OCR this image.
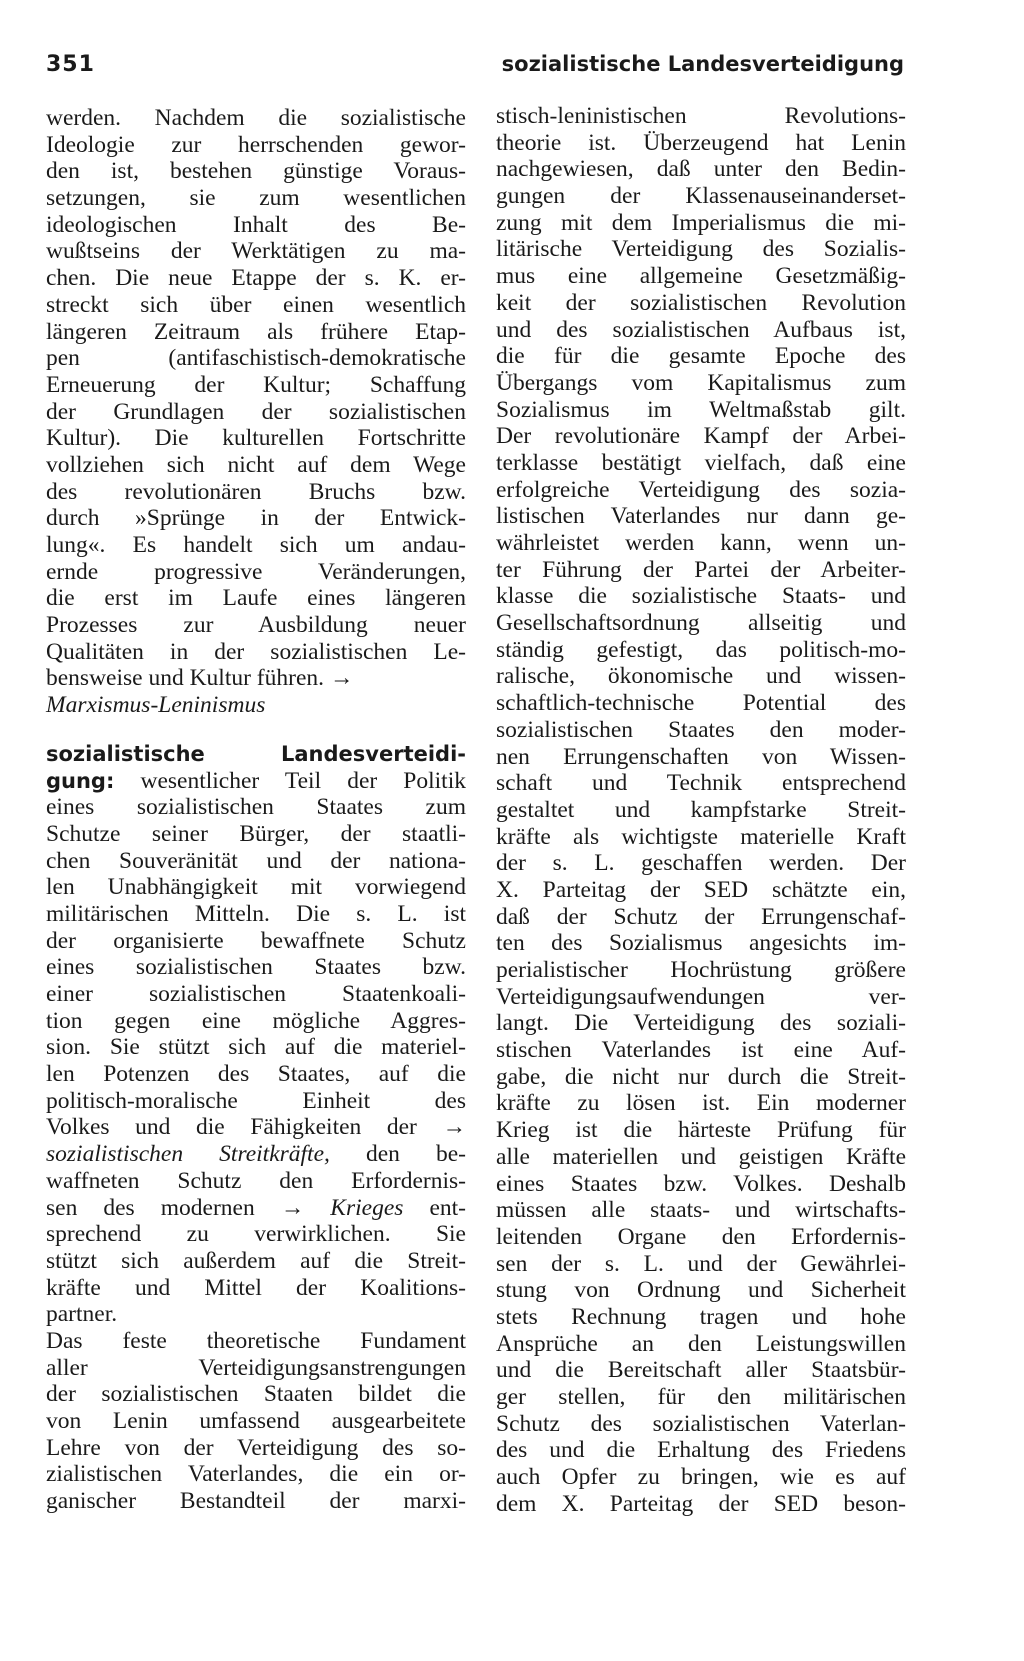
351	sozialistische Landesverteidigung
werden. Nachdem die sozialistische
Ideologie zur herrschenden gewor-
den ist, bestehen günstige Voraus-
setzungen, sie zum wesentlichen
ideologischen Inhalt des Be-
wußtseins der Werktätigen zu ma-
chen. Die neue Etappe der s. K. er-
streckt sich über einen wesentlich
längeren Zeitraum als frühere Etap-
pen (antifaschistisch-demokratische
Erneuerung der Kultur; Schaffung
der Grundlagen der sozialistischen
Kultur). Die kulturellen Fortschritte
vollziehen sich nicht auf dem Wege
des revolutionären Bruchs bzw.
durch »Sprünge in der Entwick-
lung«. Es handelt sich um andau-
ernde progressive Veränderungen,
die erst im Laufe eines längeren
Prozesses zur Ausbildung neuer
Qualitäten in der sozialistischen Le-
bensweise und Kultur führen. →
Marxismus-Leninismus
sozialistische Landesverteidi-
gung: wesentlicher Teil der Politik
eines sozialistischen Staates zum
Schutze seiner Bürger, der staatli-
chen Souveränität und der nationa-
len Unabhängigkeit mit vorwiegend
militärischen Mitteln. Die s. L. ist
der organisierte bewaffnete Schutz
eines sozialistischen Staates bzw.
einer sozialistischen Staatenkoali-
tion gegen eine mögliche Aggres-
sion. Sie stützt sich auf die materiel-
len Potenzen des Staates, auf die
politisch-moralische Einheit des
Volkes und die Fähigkeiten der →
sozialistischen Streitkräfte, den be-
waffneten Schutz den Erfordernis-
sen des modernen → Krieges ent-
sprechend zu verwirklichen. Sie
stützt sich außerdem auf die Streit-
kräfte und Mittel der Koalitions-
partner.
Das feste theoretische Fundament
aller Verteidigungsanstrengungen
der sozialistischen Staaten bildet die
von Lenin umfassend ausgearbeitete
Lehre von der Verteidigung des so-
zialistischen Vaterlandes, die ein or-
ganischer Bestandteil der marxi-
stisch-leninistischen Revolutions-
theorie ist. Überzeugend hat Lenin
nachgewiesen, daß unter den Bedin-
gungen der Klassenauseinanderset-
zung mit dem Imperialismus die mi-
litärische Verteidigung des Sozialis-
mus eine allgemeine Gesetzmäßig-
keit der sozialistischen Revolution
und des sozialistischen Aufbaus ist,
die für die gesamte Epoche des
Übergangs vom Kapitalismus zum
Sozialismus im Weltmaßstab gilt.
Der revolutionäre Kampf der Arbei-
terklasse bestätigt vielfach, daß eine
erfolgreiche Verteidigung des sozia-
listischen Vaterlandes nur dann ge-
währleistet werden kann, wenn un-
ter Führung der Partei der Arbeiter-
klasse die sozialistische Staats- und
Gesellschaftsordnung allseitig und
ständig gefestigt, das politisch-mo-
ralische, ökonomische und wissen-
schaftlich-technische Potential des
sozialistischen Staates den moder-
nen Errungenschaften von Wissen-
schaft und Technik entsprechend
gestaltet und kampfstarke Streit-
kräfte als wichtigste materielle Kraft
der s. L. geschaffen werden. Der
X. Parteitag der SED schätzte ein,
daß der Schutz der Errungenschaf-
ten des Sozialismus angesichts im-
perialistischer Hochrüstung größere
Verteidigungsaufwendungen ver-
langt. Die Verteidigung des soziali-
stischen Vaterlandes ist eine Auf-
gabe, die nicht nur durch die Streit-
kräfte zu lösen ist. Ein moderner
Krieg ist die härteste Prüfung für
alle materiellen und geistigen Kräfte
eines Staates bzw. Volkes. Deshalb
müssen alle staats- und wirtschafts-
leitenden Organe den Erfordernis-
sen der s. L. und der Gewährlei-
stung von Ordnung und Sicherheit
stets Rechnung tragen und hohe
Ansprüche an den Leistungswillen
und die Bereitschaft aller Staatsbür-
ger stellen, für den militärischen
Schutz des sozialistischen Vaterlan-
des und die Erhaltung des Friedens
auch Opfer zu bringen, wie es auf
dem X. Parteitag der SED beson-
